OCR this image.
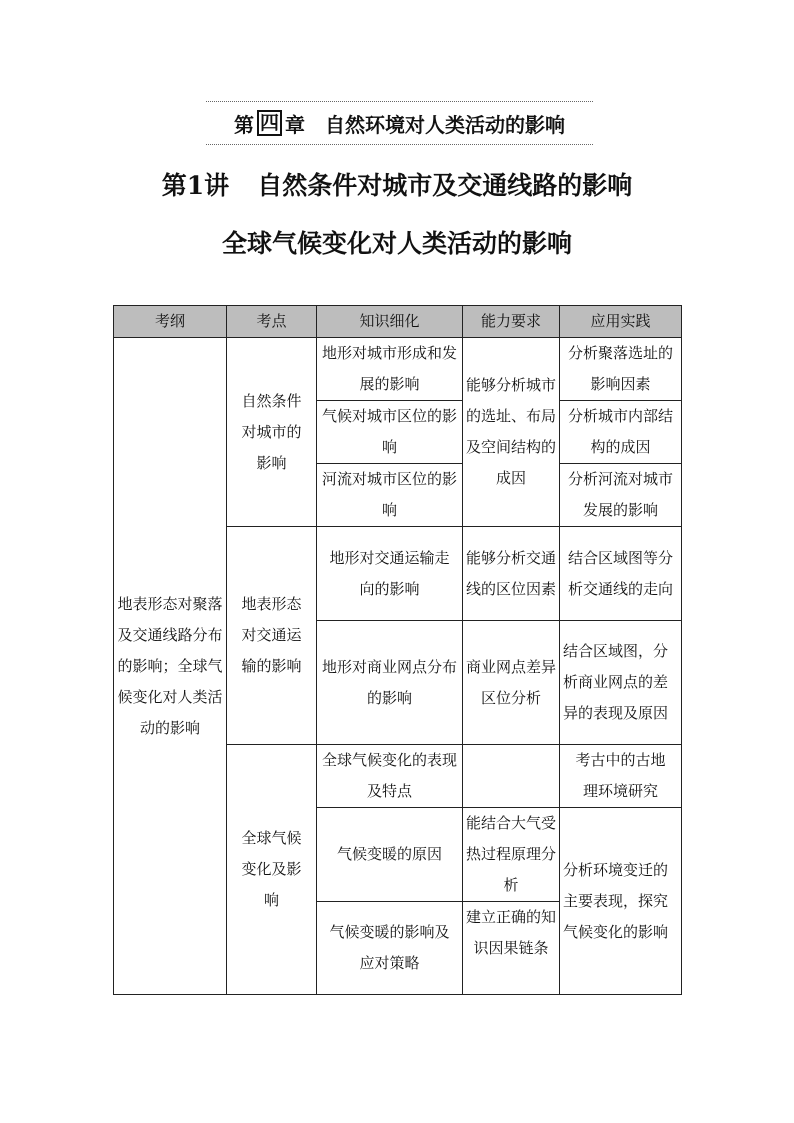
第 四 章 自然环境对人类活动的影响
第1讲 自然条件对城市及交通线路的影响
全球气候变化对人类活动的影响
考纲	考点	知识细化	能力要求	应用实践
地表形态对聚落及交通线路分布的影响；全球气候变化对人类活动的影响	自然条件对城市的影响	地形对城市形成和发展的影响	能够分析城市的选址、布局及空间结构的成因	分析聚落选址的影响因素
		气候对城市区位的影响		分析城市内部结构的成因
		河流对城市区位的影响		分析河流对城市发展的影响
	地表形态对交通运输的影响	地形对交通运输走向的影响	能够分析交通线的区位因素	结合区域图等分析交通线的走向
		地形对商业网点分布的影响	商业网点差异区位分析	结合区域图，分析商业网点的差异的表现及原因
	全球气候变化及影响	全球气候变化的表现及特点		考古中的古地理环境研究
		气候变暖的原因	能结合大气受热过程原理分析	分析环境变迁的主要表现，探究气候变化的影响
		气候变暖的影响及应对策略	建立正确的知识因果链条	
